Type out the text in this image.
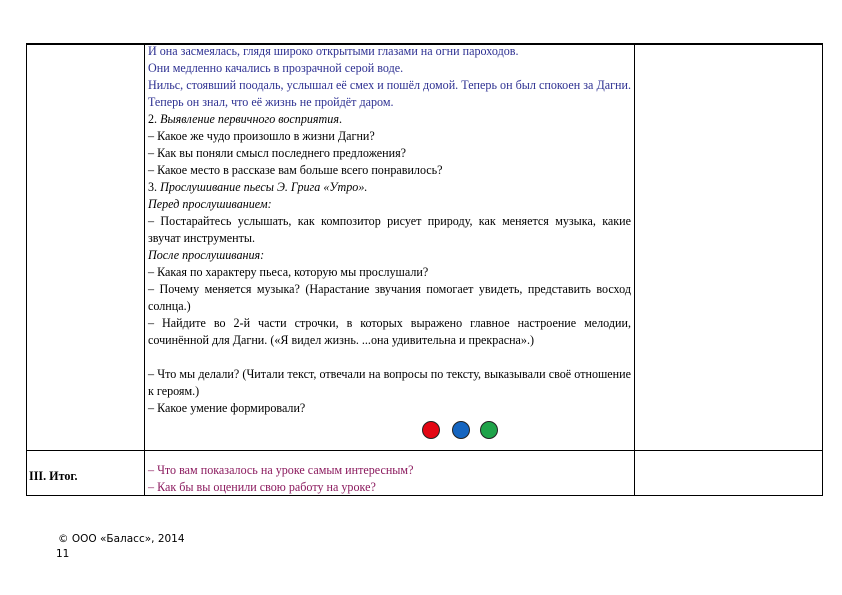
И она засмеялась, глядя широко открытыми глазами на огни пароходов.

Они медленно качались в прозрачной серой воде.

Нильс, стоявший поодаль, услышал её смех и пошёл домой. Теперь он был спокоен за Дагни. Теперь он знал, что её жизнь не пройдёт даром.

2. Выявление первичного восприятия.

– Какое же чудо произошло в жизни Дагни?

– Как вы поняли смысл последнего предложения?

– Какое место в рассказе вам больше всего понравилось?

3. Прослушивание пьесы Э. Грига «Утро».

Перед прослушиванием:

– Постарайтесь услышать, как композитор рисует природу, как меняется музыка, какие звучат инструменты.

После прослушивания:

– Какая по характеру пьеса, которую мы прослушали?

– Почему меняется музыка? (Нарастание звучания помогает увидеть, представить восход солнца.)

– Найдите во 2-й части строчки, в которых выражено главное настроение мелодии, сочинённой для Дагни. («Я видел жизнь. ...она удивительна и прекрасна».)

– Что мы делали? (Читали текст, отвечали на вопросы по тексту, выказывали своё отношение к героям.)

– Какое умение формировали?

III. Итог.	– Что вам показалось на уроке самым интересным?

– Как бы вы оценили свою работу на уроке?

© ООО «Баласс», 2014
11
